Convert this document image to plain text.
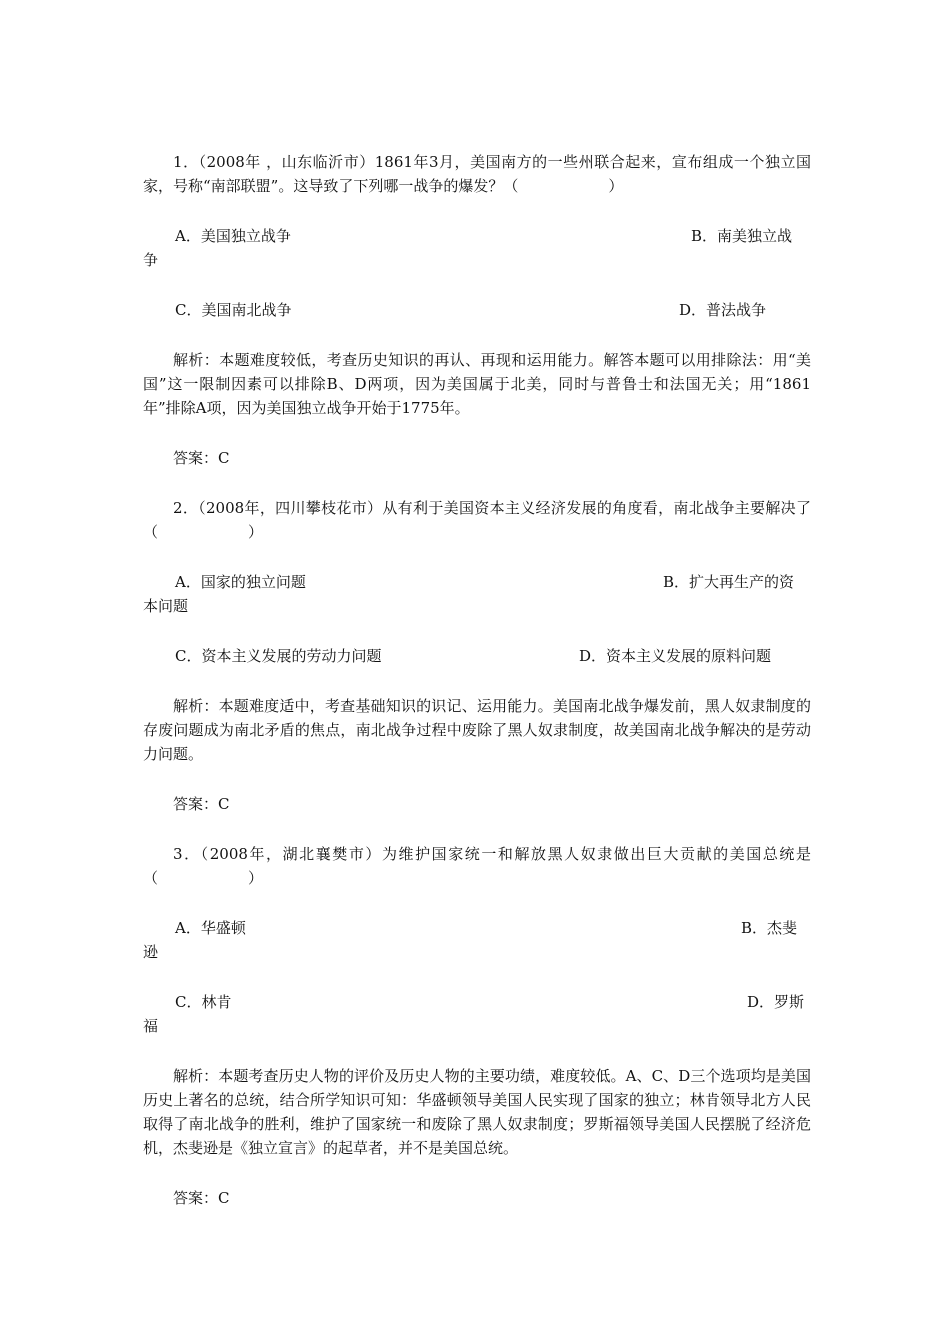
1．（2008年 ，山东临沂市）1861年3月，美国南方的一些州联合起来，宣布组成一个独立国家，号称“南部联盟”。这导致了下列哪一战争的爆发？（　　　　　　）

A．美国独立战争	B．南美独立战
争
C．美国南北战争	D．普法战争

解析：本题难度较低，考查历史知识的再认、再现和运用能力。解答本题可以用排除法：用“美国”这一限制因素可以排除B、D两项，因为美国属于北美，同时与普鲁士和法国无关；用“1861年”排除A项，因为美国独立战争开始于1775年。

答案：C

2．（2008年，四川攀枝花市）从有利于美国资本主义经济发展的角度看，南北战争主要解决了（　　　　　　）

A．国家的独立问题	B．扩大再生产的资
本问题
C．资本主义发展的劳动力问题	D．资本主义发展的原料问题

解析：本题难度适中，考查基础知识的识记、运用能力。美国南北战争爆发前，黑人奴隶制度的存废问题成为南北矛盾的焦点，南北战争过程中废除了黑人奴隶制度，故美国南北战争解决的是劳动力问题。

答案：C

3．（2008年，湖北襄樊市）为维护国家统一和解放黑人奴隶做出巨大贡献的美国总统是（　　　　　　）

A．华盛顿	B．杰斐
逊
C．林肯	D．罗斯
福

解析：本题考查历史人物的评价及历史人物的主要功绩，难度较低。A、C、D三个选项均是美国历史上著名的总统，结合所学知识可知：华盛顿领导美国人民实现了国家的独立；林肯领导北方人民取得了南北战争的胜利，维护了国家统一和废除了黑人奴隶制度；罗斯福领导美国人民摆脱了经济危机，杰斐逊是《独立宣言》的起草者，并不是美国总统。

答案：C
